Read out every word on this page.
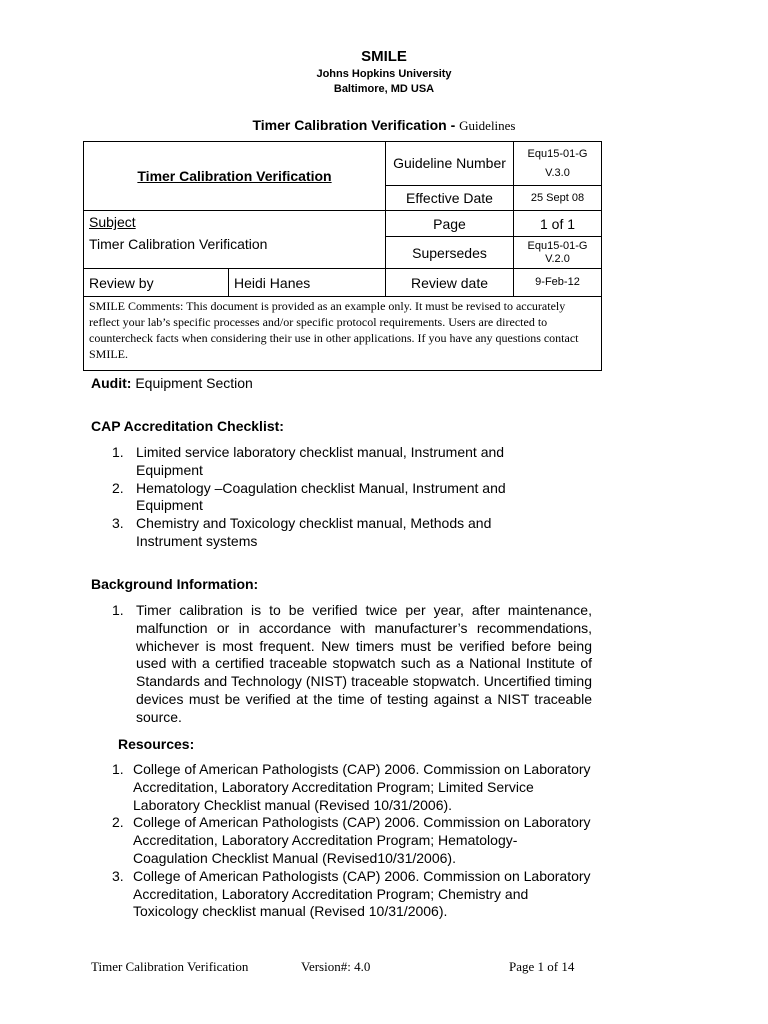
SMILE
Johns Hopkins University
Baltimore, MD USA
Timer Calibration Verification - Guidelines
Timer Calibration Verification		Guideline Number	Equ15-01-G
V.3.0

		Effective Date	25 Sept 08

Subject
Timer Calibration Verification		Page	1 of 1
		Supersedes	Equ15-01-G
V.2.0

Review by	Heidi Hanes	Review date	9-Feb-12
SMILE Comments: This document is provided as an example only. It must be revised to accurately reflect your lab’s specific processes and/or specific protocol requirements. Users are directed to countercheck facts when considering their use in other applications. If you have any questions contact SMILE.			
Audit: Equipment Section
CAP Accreditation Checklist:
1. Limited service laboratory checklist manual, Instrument and Equipment
2. Hematology –Coagulation checklist Manual, Instrument and Equipment
3. Chemistry and Toxicology checklist manual, Methods and Instrument systems
Background Information:
1. Timer calibration is to be verified twice per year, after maintenance, malfunction or in accordance with manufacturer’s recommendations, whichever is most frequent. New timers must be verified before being used with a certified traceable stopwatch such as a National Institute of Standards and Technology (NIST) traceable stopwatch. Uncertified timing devices must be verified at the time of testing against a NIST traceable source.
Resources:
1. College of American Pathologists (CAP) 2006. Commission on Laboratory Accreditation, Laboratory Accreditation Program; Limited Service Laboratory Checklist manual (Revised 10/31/2006).
2. College of American Pathologists (CAP) 2006. Commission on Laboratory Accreditation, Laboratory Accreditation Program; Hematology-Coagulation Checklist Manual (Revised10/31/2006).
3. College of American Pathologists (CAP) 2006. Commission on Laboratory Accreditation, Laboratory Accreditation Program; Chemistry and Toxicology checklist manual (Revised 10/31/2006).
Timer Calibration Verification	Version#: 4.0	Page 1 of 14
